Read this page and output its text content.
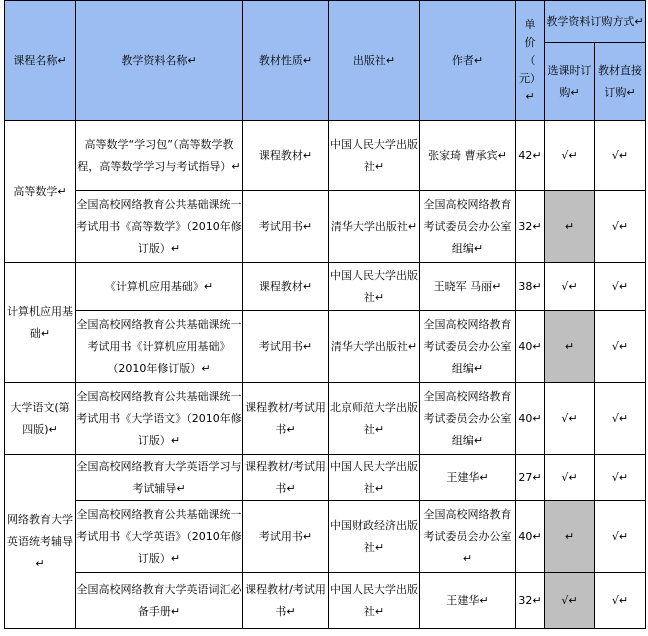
课程名称↵	教学资料名称↵	教材性质↵	出版社↵	作者↵	单
价
（
元）↵	教学资料订购方式↵	
						选课时订购↵	教材直接订购↵
高等数学↵	高等数学“学习包”（高等数学教程，高等数学学习与考试指导）↵	课程教材↵	中国人民大学出版社↵	张家琦 曹承宾↵	42↵	√↵	√↵
	全国高校网络教育公共基础课统一考试用书《高等数学》（2010年修订版）↵	考试用书↵	清华大学出版社↵	全国高校网络教育考试委员会办公室组编↵	32↵	↵	√↵
计算机应用基础↵	《计算机应用基础》↵	课程教材↵	中国人民大学出版社↵	王晓军 马丽↵	38↵	√↵	√↵
	全国高校网络教育公共基础课统一考试用书《计算机应用基础》（2010年修订版）↵	考试用书↵	清华大学出版社↵	全国高校网络教育考试委员会办公室组编↵	40↵	↵	√↵
大学语文(第四版)↵	全国高校网络教育公共基础课统一考试用书《大学语文》（2010年修订版）↵	课程教材/考试用书↵	北京师范大学出版社↵	全国高校网络教育考试委员会办公室组编↵	40↵	√↵	√↵
网络教育大学英语统考辅导↵	全国高校网络教育大学英语学习与考试辅导↵	课程教材/考试用书↵	中国人民大学出版社↵	王建华↵	27↵	√↵	√↵
	全国高校网络教育公共基础课统一考试用书《大学英语》（2010年修订版）↵	考试用书↵	中国财政经济出版社↵	全国高校网络教育考试委员会办公室↵	40↵	↵	√↵
	全国高校网络教育大学英语词汇必备手册↵	课程教材/考试用书↵	中国人民大学出版社↵	王建华↵	32↵	√↵	√↵
